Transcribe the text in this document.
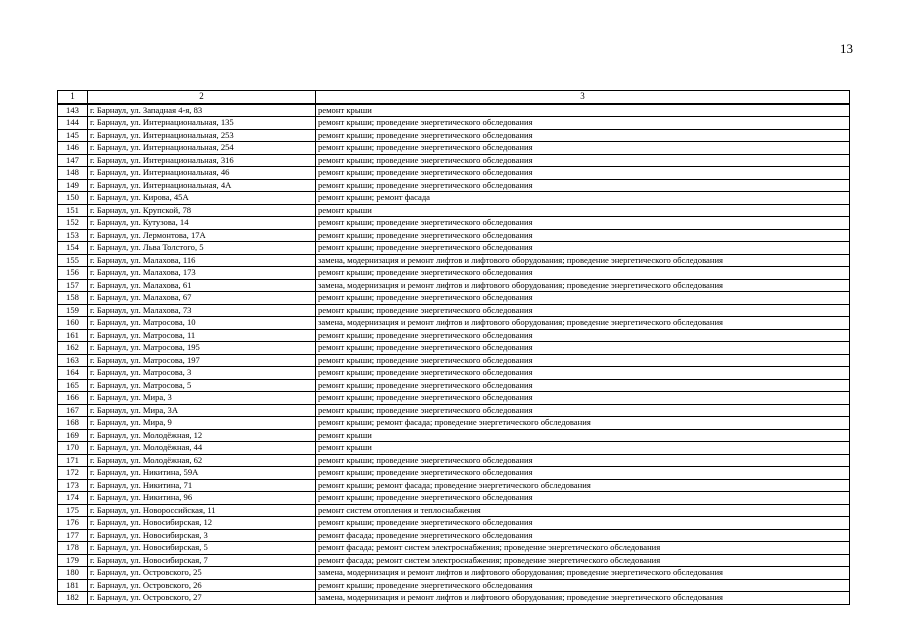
13
1	2	3
143	г. Барнаул, ул. Западная 4-я, 83	ремонт крыши
144	г. Барнаул, ул. Интернациональная, 135	ремонт крыши; проведение энергетического обследования
145	г. Барнаул, ул. Интернациональная, 253	ремонт крыши; проведение энергетического обследования
146	г. Барнаул, ул. Интернациональная, 254	ремонт крыши; проведение энергетического обследования
147	г. Барнаул, ул. Интернациональная, 316	ремонт крыши; проведение энергетического обследования
148	г. Барнаул, ул. Интернациональная, 46	ремонт крыши; проведение энергетического обследования
149	г. Барнаул, ул. Интернациональная, 4А	ремонт крыши; проведение энергетического обследования
150	г. Барнаул, ул. Кирова, 45А	ремонт крыши; ремонт фасада
151	г. Барнаул, ул. Крупской, 78	ремонт крыши
152	г. Барнаул, ул. Кутузова, 14	ремонт крыши; проведение энергетического обследования
153	г. Барнаул, ул. Лермонтова, 17А	ремонт крыши; проведение энергетического обследования
154	г. Барнаул, ул. Льва Толстого, 5	ремонт крыши; проведение энергетического обследования
155	г. Барнаул, ул. Малахова, 116	замена, модернизация и ремонт лифтов и лифтового оборудования; проведение энергетического обследования
156	г. Барнаул, ул. Малахова, 173	ремонт крыши; проведение энергетического обследования
157	г. Барнаул, ул. Малахова, 61	замена, модернизация и ремонт лифтов и лифтового оборудования; проведение энергетического обследования
158	г. Барнаул, ул. Малахова, 67	ремонт крыши; проведение энергетического обследования
159	г. Барнаул, ул. Малахова, 73	ремонт крыши; проведение энергетического обследования
160	г. Барнаул, ул. Матросова, 10	замена, модернизация и ремонт лифтов и лифтового оборудования; проведение энергетического обследования
161	г. Барнаул, ул. Матросова, 11	ремонт крыши; проведение энергетического обследования
162	г. Барнаул, ул. Матросова, 195	ремонт крыши; проведение энергетического обследования
163	г. Барнаул, ул. Матросова, 197	ремонт крыши; проведение энергетического обследования
164	г. Барнаул, ул. Матросова, 3	ремонт крыши; проведение энергетического обследования
165	г. Барнаул, ул. Матросова, 5	ремонт крыши; проведение энергетического обследования
166	г. Барнаул, ул. Мира, 3	ремонт крыши; проведение энергетического обследования
167	г. Барнаул, ул. Мира, 3А	ремонт крыши; проведение энергетического обследования
168	г. Барнаул, ул. Мира, 9	ремонт крыши; ремонт фасада; проведение энергетического обследования
169	г. Барнаул, ул. Молодёжная, 12	ремонт крыши
170	г. Барнаул, ул. Молодёжная, 44	ремонт крыши
171	г. Барнаул, ул. Молодёжная, 62	ремонт крыши; проведение энергетического обследования
172	г. Барнаул, ул. Никитина, 59А	ремонт крыши; проведение энергетического обследования
173	г. Барнаул, ул. Никитина, 71	ремонт крыши; ремонт фасада; проведение энергетического обследования
174	г. Барнаул, ул. Никитина, 96	ремонт крыши; проведение энергетического обследования
175	г. Барнаул, ул. Новороссийская, 11	ремонт систем отопления и теплоснабжения
176	г. Барнаул, ул. Новосибирская, 12	ремонт крыши; проведение энергетического обследования
177	г. Барнаул, ул. Новосибирская, 3	ремонт фасада; проведение энергетического обследования
178	г. Барнаул, ул. Новосибирская, 5	ремонт фасада; ремонт систем электроснабжения; проведение энергетического обследования
179	г. Барнаул, ул. Новосибирская, 7	ремонт фасада; ремонт систем электроснабжения; проведение энергетического обследования
180	г. Барнаул, ул. Островского, 25	замена, модернизация и ремонт лифтов и лифтового оборудования; проведение энергетического обследования
181	г. Барнаул, ул. Островского, 26	ремонт крыши; проведение энергетического обследования
182	г. Барнаул, ул. Островского, 27	замена, модернизация и ремонт лифтов и лифтового оборудования; проведение энергетического обследования
